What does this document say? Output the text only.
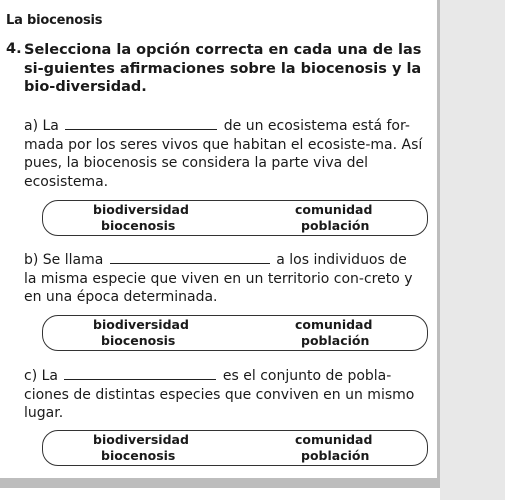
La biocenosis
4. Selecciona la opción correcta en cada una de las si-guientes afirmaciones sobre la biocenosis y la bio-diversidad.

a) La	de un ecosistema está for-

mada por los seres vivos que habitan el ecosiste-ma. Así pues, la biocenosis se considera la parte viva del ecosistema.

biodiversidad	comunidad
biocenosis	población

b) Se llama	a los individuos de

la misma especie que viven en un territorio con-creto y en una época determinada.

biodiversidad	comunidad
biocenosis	población

c) La	es el conjunto de pobla-

ciones de distintas especies que conviven en un mismo lugar.

biodiversidad	comunidad
biocenosis	población
